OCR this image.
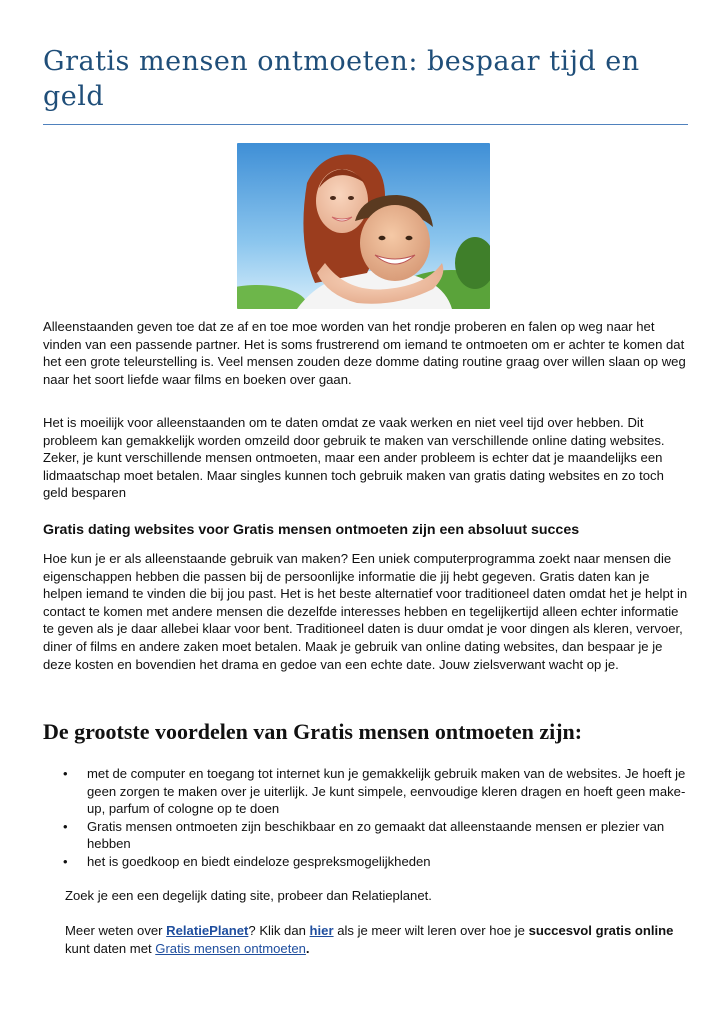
Gratis mensen ontmoeten: bespaar tijd en geld
Alleenstaanden geven toe dat ze af en toe moe worden van het rondje proberen en falen op weg naar het vinden van een passende partner. Het is soms frustrerend om iemand te ontmoeten om er achter te komen dat het een grote teleurstelling is. Veel mensen zouden deze domme dating routine graag over willen slaan op weg naar het soort liefde waar films en boeken over gaan.
Het is moeilijk voor alleenstaanden om te daten omdat ze vaak werken en niet veel tijd over hebben. Dit probleem kan gemakkelijk worden omzeild door gebruik te maken van verschillende online dating websites. Zeker, je kunt verschillende mensen ontmoeten, maar een ander probleem is echter dat je maandelijks een lidmaatschap moet betalen. Maar singles kunnen toch gebruik maken van gratis dating websites en zo toch geld besparen
Gratis dating websites voor Gratis mensen ontmoeten zijn een absoluut succes
Hoe kun je er als alleenstaande gebruik van maken? Een uniek computerprogramma zoekt naar mensen die eigenschappen hebben die passen bij de persoonlijke informatie die jij hebt gegeven. Gratis daten kan je helpen iemand te vinden die bij jou past. Het is het beste alternatief voor traditioneel daten omdat het je helpt in contact te komen met andere mensen die dezelfde interesses hebben en tegelijkertijd alleen echter informatie te geven als je daar allebei klaar voor bent. Traditioneel daten is duur omdat je voor dingen als kleren, vervoer, diner of films en andere zaken moet betalen. Maak je gebruik van online dating websites, dan bespaar je je deze kosten en bovendien het drama en gedoe van een echte date. Jouw zielsverwant wacht op je.
De grootste voordelen van Gratis mensen ontmoeten zijn:
• met de computer en toegang tot internet kun je gemakkelijk gebruik maken van de websites. Je hoeft je geen zorgen te maken over je uiterlijk. Je kunt simpele, eenvoudige kleren dragen en hoeft geen make-up, parfum of cologne op te doen
• Gratis mensen ontmoeten zijn beschikbaar en zo gemaakt dat alleenstaande mensen er plezier van hebben
• het is goedkoop en biedt eindeloze gespreksmogelijkheden
Zoek je een een degelijk dating site, probeer dan Relatieplanet.
Meer weten over RelatiePlanet? Klik dan hier als je meer wilt leren over hoe je succesvol gratis online kunt daten met Gratis mensen ontmoeten.
